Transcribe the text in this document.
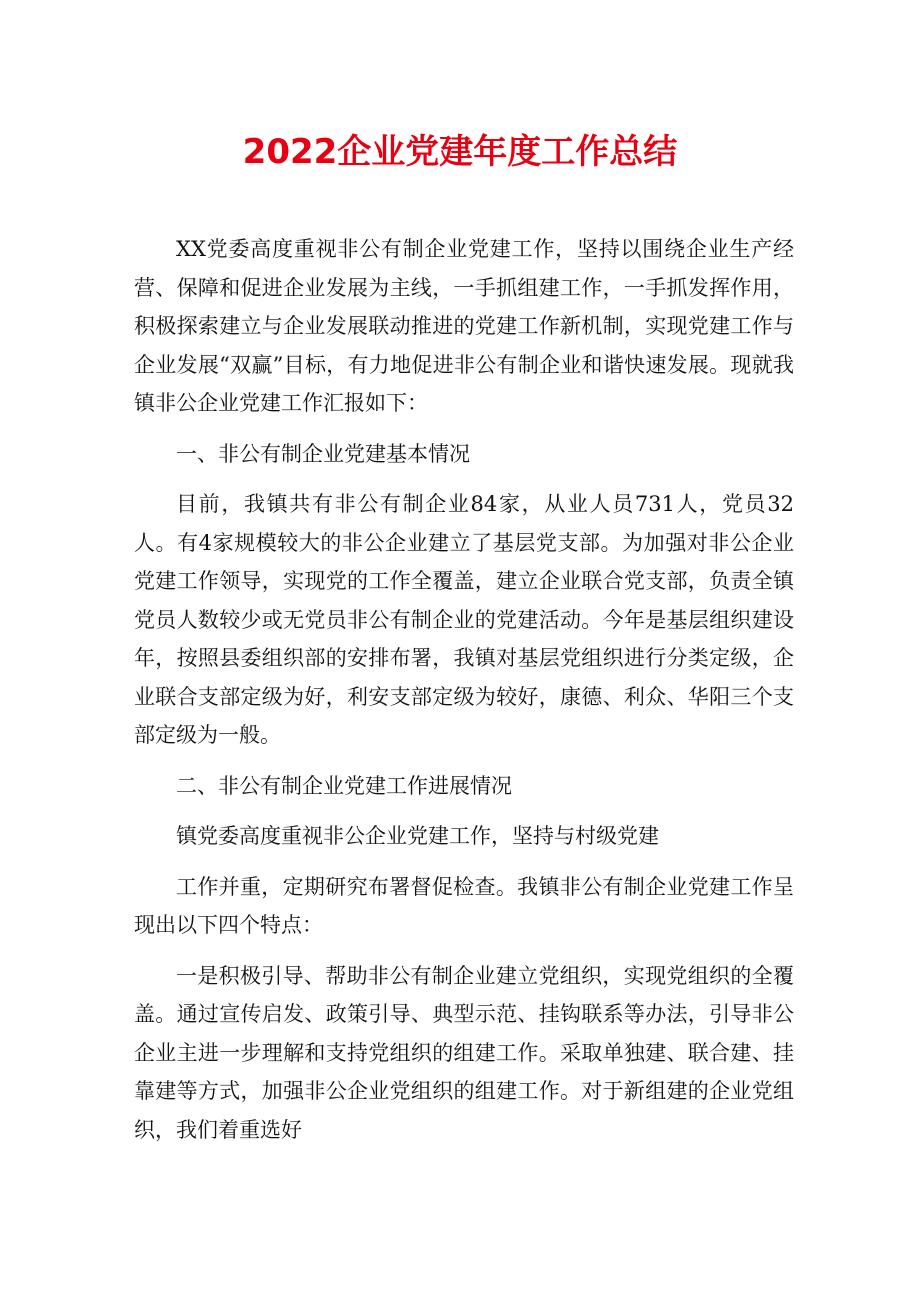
2022企业党建年度工作总结

XX党委高度重视非公有制企业党建工作，坚持以围绕企业生产经营、保障和促进企业发展为主线，一手抓组建工作，一手抓发挥作用，积极探索建立与企业发展联动推进的党建工作新机制，实现党建工作与企业发展“双赢”目标，有力地促进非公有制企业和谐快速发展。现就我镇非公企业党建工作汇报如下：

一、非公有制企业党建基本情况

目前，我镇共有非公有制企业84家，从业人员731人，党员32人。有4家规模较大的非公企业建立了基层党支部。为加强对非公企业党建工作领导，实现党的工作全覆盖，建立企业联合党支部，负责全镇党员人数较少或无党员非公有制企业的党建活动。今年是基层组织建设年，按照县委组织部的安排布署，我镇对基层党组织进行分类定级，企业联合支部定级为好，利安支部定级为较好，康德、利众、华阳三个支部定级为一般。

二、非公有制企业党建工作进展情况

镇党委高度重视非公企业党建工作，坚持与村级党建

工作并重，定期研究布署督促检查。我镇非公有制企业党建工作呈现出以下四个特点：

一是积极引导、帮助非公有制企业建立党组织，实现党组织的全覆盖。通过宣传启发、政策引导、典型示范、挂钩联系等办法，引导非公企业主进一步理解和支持党组织的组建工作。采取单独建、联合建、挂靠建等方式，加强非公企业党组织的组建工作。对于新组建的企业党组织，我们着重选好
